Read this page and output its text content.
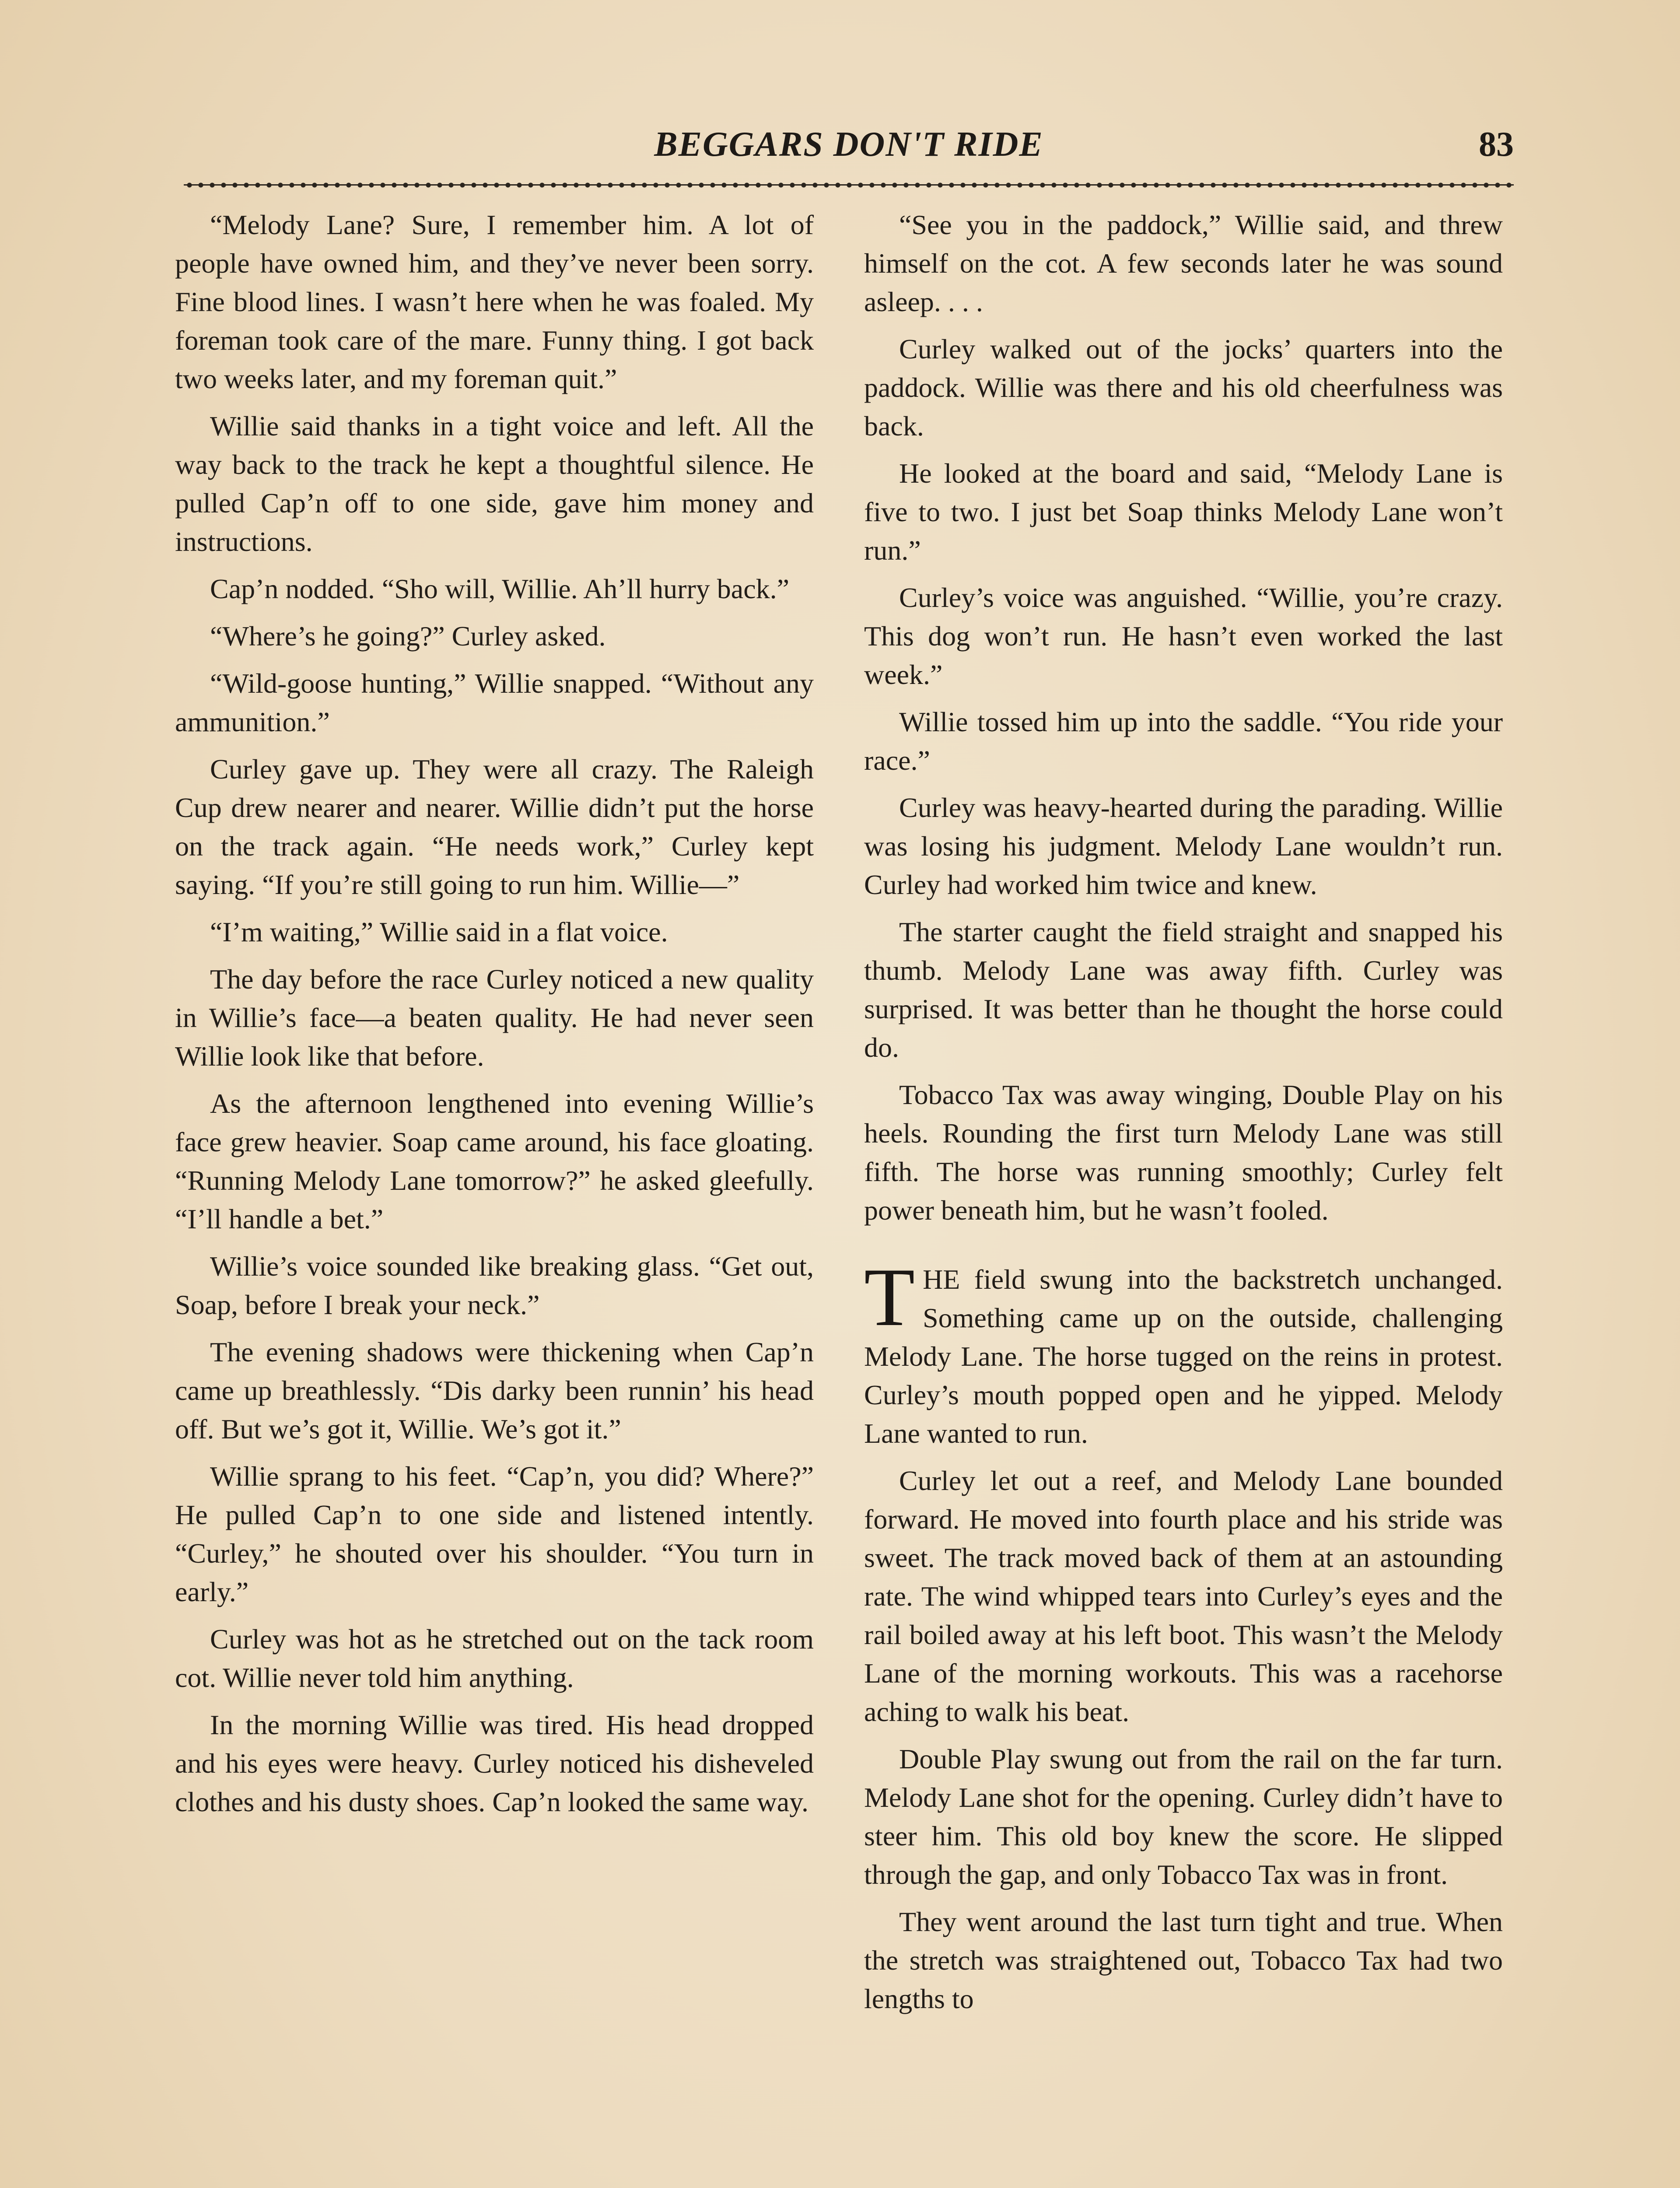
BEGGARS DON'T RIDE	83

“Melody Lane? Sure, I remember him. A lot of people have owned him, and they’ve never been sorry. Fine blood lines. I wasn’t here when he was foaled. My foreman took care of the mare. Funny thing. I got back two weeks later, and my foreman quit.”

Willie said thanks in a tight voice and left. All the way back to the track he kept a thoughtful silence. He pulled Cap’n off to one side, gave him money and instructions.

Cap’n nodded. “Sho will, Willie. Ah’ll hurry back.”

“Where’s he going?” Curley asked.

“Wild-goose hunting,” Willie snapped. “Without any ammunition.”

Curley gave up. They were all crazy. The Raleigh Cup drew nearer and nearer. Willie didn’t put the horse on the track again. “He needs work,” Curley kept saying. “If you’re still going to run him. Willie—”

“I’m waiting,” Willie said in a flat voice.

The day before the race Curley noticed a new quality in Willie’s face—a beaten quality. He had never seen Willie look like that before.

As the afternoon lengthened into evening Willie’s face grew heavier. Soap came around, his face gloating. “Running Melody Lane tomorrow?” he asked gleefully. “I’ll handle a bet.”

Willie’s voice sounded like breaking glass. “Get out, Soap, before I break your neck.”

The evening shadows were thickening when Cap’n came up breathlessly. “Dis darky been runnin’ his head off. But we’s got it, Willie. We’s got it.”

Willie sprang to his feet. “Cap’n, you did? Where?” He pulled Cap’n to one side and listened intently. “Curley,” he shouted over his shoulder. “You turn in early.”

Curley was hot as he stretched out on the tack room cot. Willie never told him anything.

In the morning Willie was tired. His head dropped and his eyes were heavy. Curley noticed his disheveled clothes and his dusty shoes. Cap’n looked the same way.

“See you in the paddock,” Willie said, and threw himself on the cot. A few seconds later he was sound asleep. . . .

Curley walked out of the jocks’ quarters into the paddock. Willie was there and his old cheerfulness was back.

He looked at the board and said, “Melody Lane is five to two. I just bet Soap thinks Melody Lane won’t run.”

Curley’s voice was anguished. “Willie, you’re crazy. This dog won’t run. He hasn’t even worked the last week.”

Willie tossed him up into the saddle. “You ride your race.”

Curley was heavy-hearted during the parading. Willie was losing his judgment. Melody Lane wouldn’t run. Curley had worked him twice and knew.

The starter caught the field straight and snapped his thumb. Melody Lane was away fifth. Curley was surprised. It was better than he thought the horse could do.

Tobacco Tax was away winging, Double Play on his heels. Rounding the first turn Melody Lane was still fifth. The horse was running smoothly; Curley felt power beneath him, but he wasn’t fooled.

THE field swung into the backstretch unchanged. Something came up on the outside, challenging Melody Lane. The horse tugged on the reins in protest. Curley’s mouth popped open and he yipped. Melody Lane wanted to run.

Curley let out a reef, and Melody Lane bounded forward. He moved into fourth place and his stride was sweet. The track moved back of them at an astounding rate. The wind whipped tears into Curley’s eyes and the rail boiled away at his left boot. This wasn’t the Melody Lane of the morning workouts. This was a racehorse aching to walk his beat.

Double Play swung out from the rail on the far turn. Melody Lane shot for the opening. Curley didn’t have to steer him. This old boy knew the score. He slipped through the gap, and only Tobacco Tax was in front.

They went around the last turn tight and true. When the stretch was straightened out, Tobacco Tax had two lengths to
